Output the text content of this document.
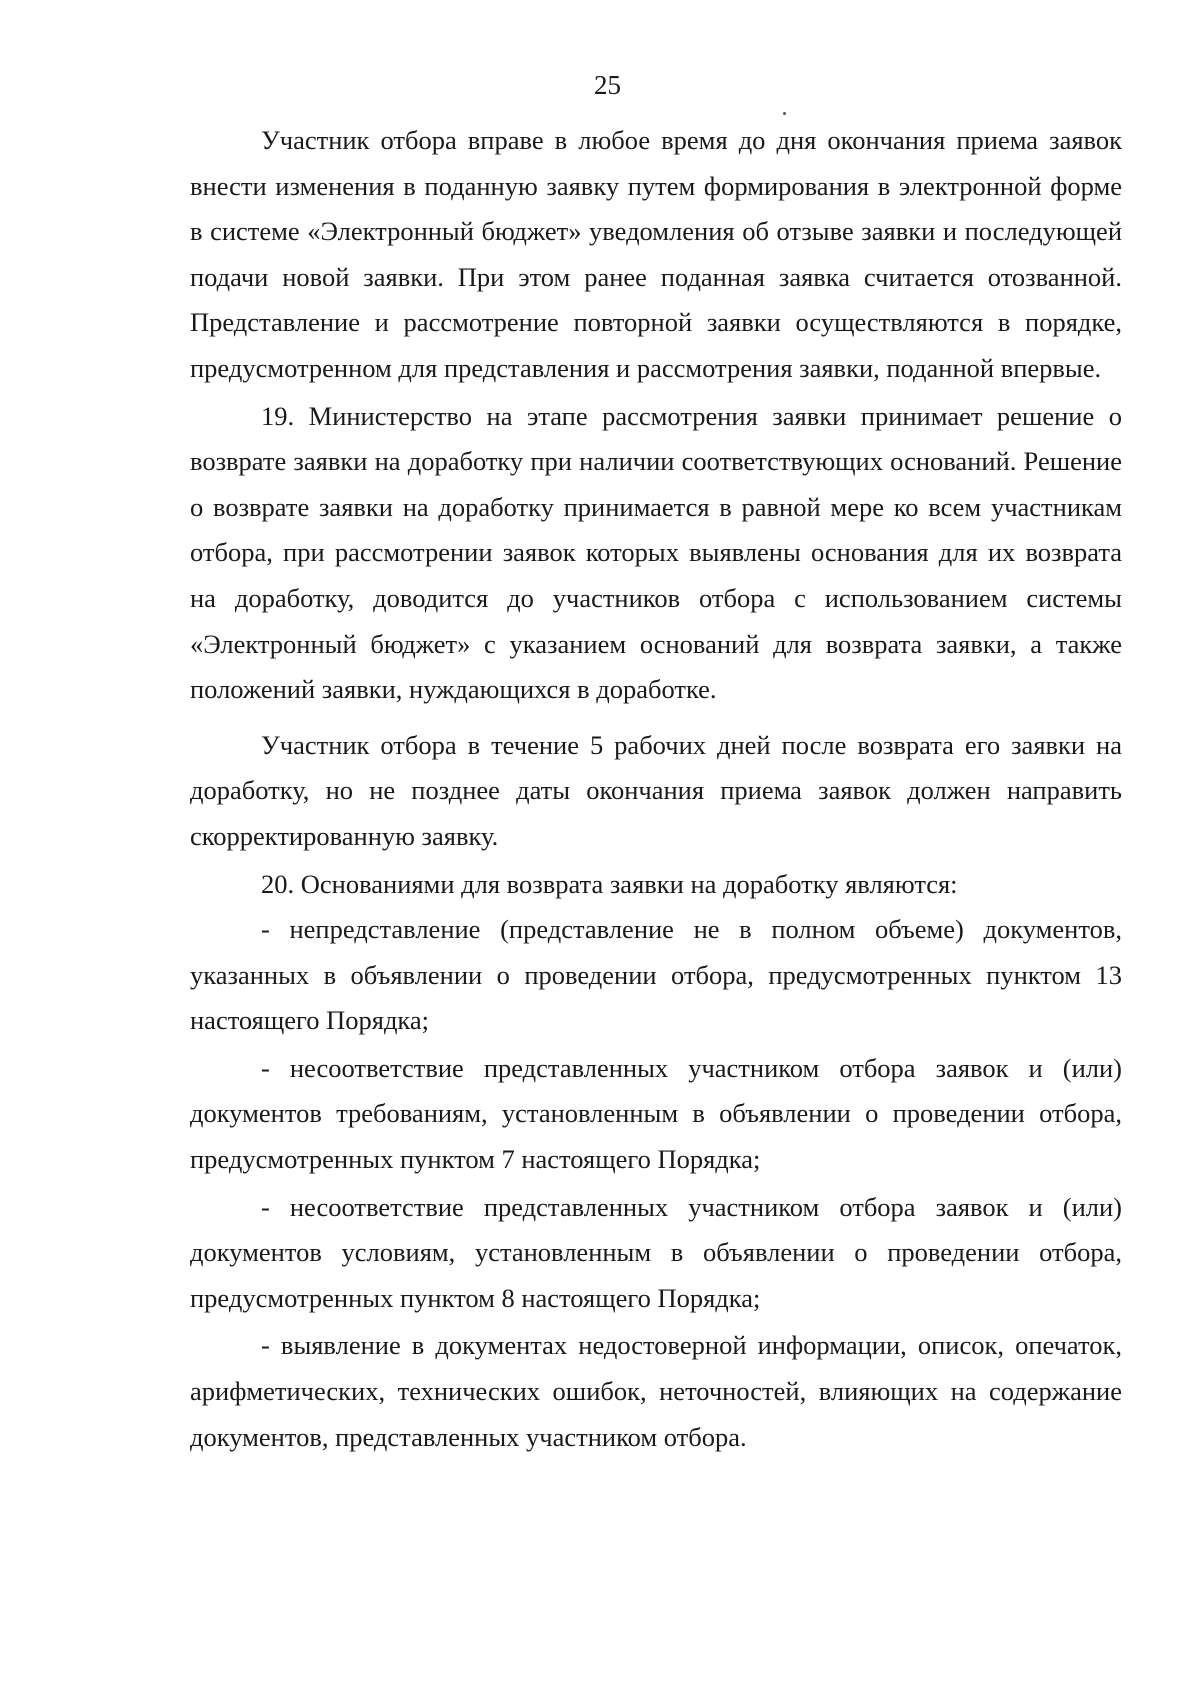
25

Участник отбора вправе в любое время до дня окончания приема заявок внести изменения в поданную заявку путем формирования в электронной форме в системе «Электронный бюджет» уведомления об отзыве заявки и последующей подачи новой заявки. При этом ранее поданная заявка считается отозванной. Представление и рассмотрение повторной заявки осуществляются в порядке, предусмотренном для представления и рассмотрения заявки, поданной впервые.

19. Министерство на этапе рассмотрения заявки принимает решение о возврате заявки на доработку при наличии соответствующих оснований. Решение о возврате заявки на доработку принимается в равной мере ко всем участникам отбора, при рассмотрении заявок которых выявлены основания для их возврата на доработку, доводится до участников отбора с использованием системы «Электронный бюджет» с указанием оснований для возврата заявки, а также положений заявки, нуждающихся в доработке.

Участник отбора в течение 5 рабочих дней после возврата его заявки на доработку, но не позднее даты окончания приема заявок должен направить скорректированную заявку.

20. Основаниями для возврата заявки на доработку являются:

- непредставление (представление не в полном объеме) документов, указанных в объявлении о проведении отбора, предусмотренных пунктом 13 настоящего Порядка;

- несоответствие представленных участником отбора заявок и (или) документов требованиям, установленным в объявлении о проведении отбора, предусмотренных пунктом 7 настоящего Порядка;

- несоответствие представленных участником отбора заявок и (или) документов условиям, установленным в объявлении о проведении отбора, предусмотренных пунктом 8 настоящего Порядка;

- выявление в документах недостоверной информации, описок, опечаток, арифметических, технических ошибок, неточностей, влияющих на содержание документов, представленных участником отбора.
